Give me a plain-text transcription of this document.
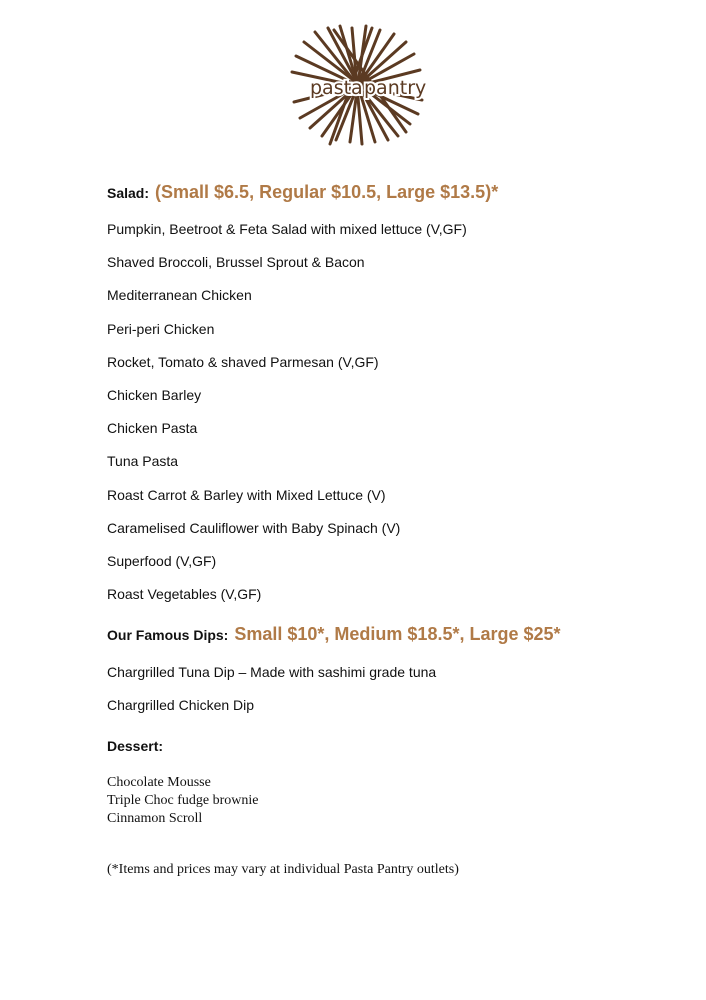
pasta pantry
Salad: (Small $6.5, Regular $10.5, Large $13.5)*
Pumpkin, Beetroot & Feta Salad with mixed lettuce (V,GF)
Shaved Broccoli, Brussel Sprout & Bacon
Mediterranean Chicken
Peri-peri Chicken
Rocket, Tomato & shaved Parmesan (V,GF)
Chicken Barley
Chicken Pasta
Tuna Pasta
Roast Carrot & Barley with Mixed Lettuce (V)
Caramelised Cauliflower with Baby Spinach (V)
Superfood (V,GF)
Roast Vegetables (V,GF)
Our Famous Dips: Small $10*, Medium $18.5*, Large $25*
Chargrilled Tuna Dip – Made with sashimi grade tuna
Chargrilled Chicken Dip
Dessert:
Chocolate Mousse
Triple Choc fudge brownie
Cinnamon Scroll
(*Items and prices may vary at individual Pasta Pantry outlets)
